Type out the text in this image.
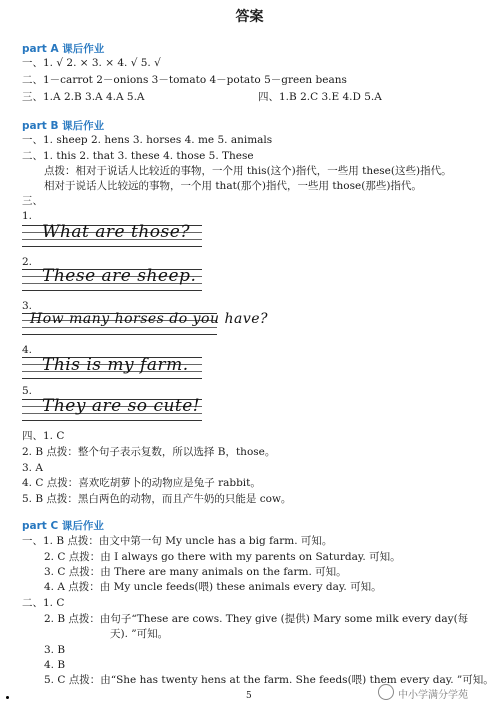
答案
part A 课后作业
一、1. √ 2. × 3. × 4. √ 5. √
二、1－carrot 2－onions 3－tomato 4－potato 5－green beans
三、1.A 2.B 3.A 4.A 5.A	四、1.B 2.C 3.E 4.D 5.A
part B 课后作业
一、1. sheep 2. hens 3. horses 4. me 5. animals
二、1. this 2. that 3. these 4. those 5. These
点拨：相对于说话人比较近的事物，一个用 this(这个)指代，一些用 these(这些)指代。
相对于说话人比较远的事物，一个用 that(那个)指代，一些用 those(那些)指代。
三、
1.
What are those?
2.
These are sheep.
3.
How many horses do you have?
4.
This is my farm.
5.
They are so cute!
四、1. C
2. B 点拨：整个句子表示复数，所以选择 B，those。
3. A
4. C 点拨：喜欢吃胡萝卜的动物应是兔子 rabbit。
5. B 点拨：黑白两色的动物，而且产牛奶的只能是 cow。
part C 课后作业
一、1. B 点拨：由文中第一句 My uncle has a big farm. 可知。
2. C 点拨：由 I always go there with my parents on Saturday. 可知。
3. C 点拨：由 There are many animals on the farm. 可知。
4. A 点拨：由 My uncle feeds(喂) these animals every day. 可知。
二、1. C
2. B 点拨：由句子“These are cows. They give (提供) Mary some milk every day(每
天). ”可知。
3. B
4. B
5. C 点拨：由“She has twenty hens at the farm. She feeds(喂) them every day. ”可知。
5	中小学满分学苑
